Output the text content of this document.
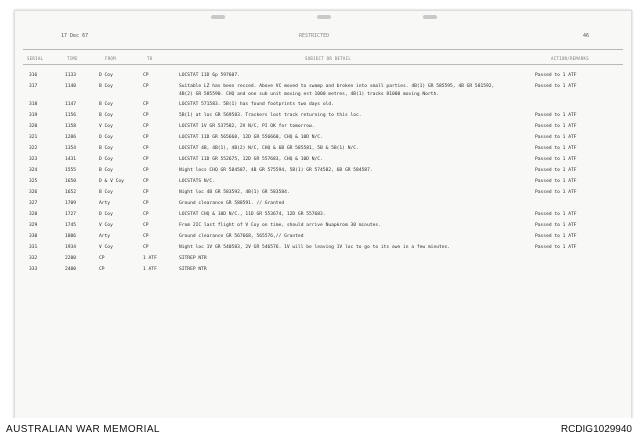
17 Dec 67	RESTRICTED	46
SERIAL	TIME	FROM	TO	SUBJECT OR DETAIL	ACTION/REMARKS
316	1133	D Coy	CP	LOCSTAT 11D 6p 597607.	Passed to 1 ATF
317	1140	B Coy	CP	Suitable LZ has been recced. Above VC moved to swamp and broken into small parties. 4B(1) GR 585595, 4B GR 581592,	Passed to 1 ATF
4B(2) GR 585590. CHQ and one sub unit moving est 1000 metres, 4B(1) tracks 81000 moving North.
318	1147	B Coy	CP	LOCSTAT 571583. 5B(1) has found footprints two days old.
319	1156	B Coy	CP	5B(1) at loc GR 569583. Trackers lost track returning to this loc.	Passed to 1 ATF
320	1158	V Coy	CP	LOCSTAT 1V GR 537582, 2V N/C, PI OK for tomorrow.	Passed to 1 ATF
321	1206	D Coy	CP	LOCSTAT 11D GR 565660, 12D GR 556660, CHQ & 10D N/C.	Passed to 1 ATF
322	1354	B Coy	CP	LOCSTAT 4B, 4B(1), 4B(2) N/C, CHQ & 6B GR 585581, 5B & 5B(1) N/C.	Passed to 1 ATF
323	1431	D Coy	CP	LOCSTAT 11D GR 552675, 12D GR 557683, CHQ & 10D N/C.	Passed to 1 ATF
324	1555	B Coy	CP	Night locs CHQ GR 584587, 4B GR 575594, 5B(1) GR 574582, 6B GR 584587.	Passed to 1 ATF
325	1650	D & V Coy	CP	LOCSTATS N/C.	Passed to 1 ATF
326	1652	B Coy	CP	Night loc 4B GR 583592, 4B(1) GR 583584.	Passed to 1 ATF
327	1709	Arty	CP	Ground clearance GR 588591. // Granted
328	1727	D Coy	CP	LOCSTAT CHQ & 10D N/C., 11D GR 553674, 12D GR 557683.	Passed to 1 ATF
329	1745	V Coy	CP	From 2IC last flight of V Coy on time, should arrive Nuapkrom 30 minutes.	Passed to 1 ATF
330	1806	Arty	CP	Ground clearance GR 567668, 565576,// Granted	Passed to 1 ATF
331	1934	V Coy	CP	Night loc 1V GR 540583, 2V GR 546576. 1V will be leaving 1V loc to go to its own in a few minutes.	Passed to 1 ATF
332	2200	CP	1 ATF	SITREP NTR
333	2400	CP	1 ATF	SITREP NTR
AUSTRALIAN WAR MEMORIAL	RCDIG1029940
